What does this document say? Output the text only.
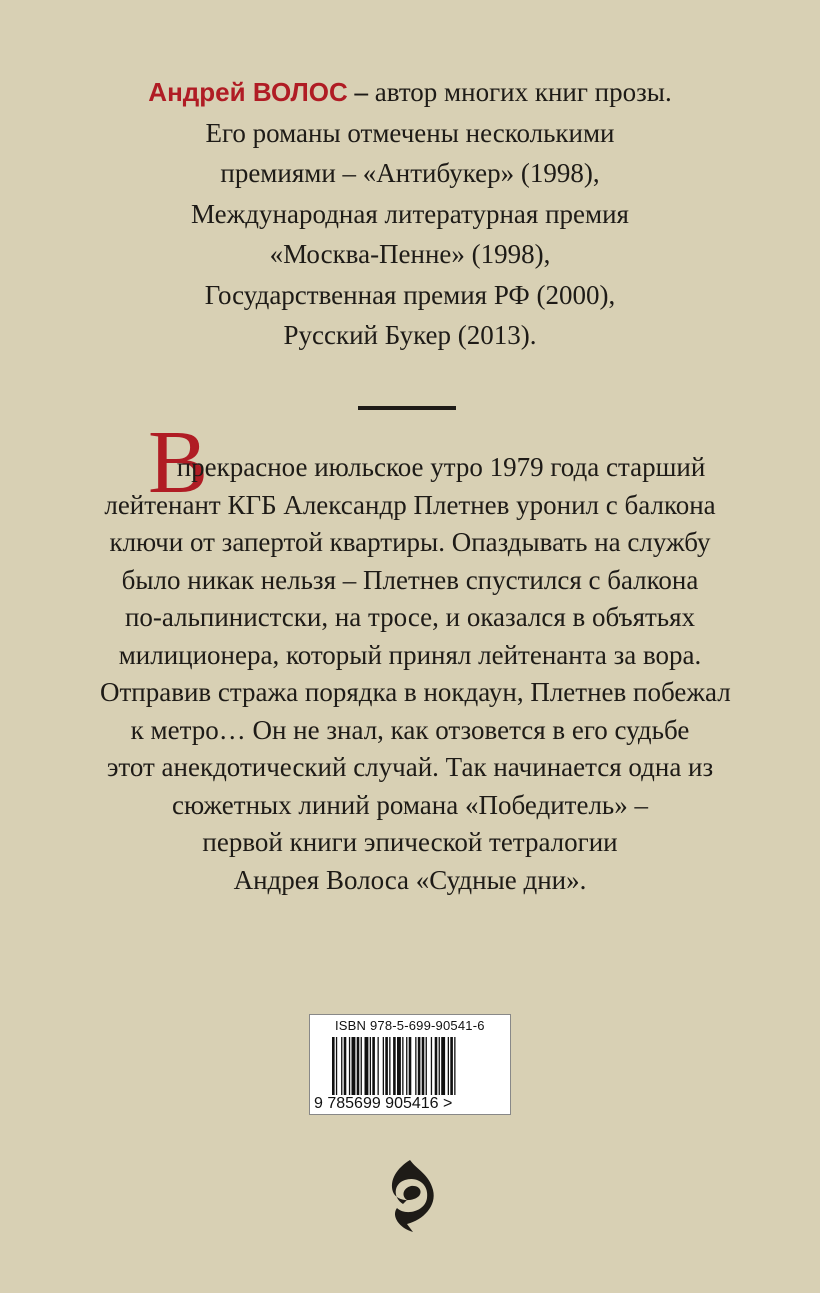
Андрей ВОЛОС – автор многих книг прозы.
Его романы отмечены несколькими
премиями – «Антибукер» (1998),
Международная литературная премия
«Москва-Пенне» (1998),
Государственная премия РФ (2000),
Русский Букер (2013).
В
прекрасное июльское утро 1979 года старший
лейтенант КГБ Александр Плетнев уронил с балкона
ключи от запертой квартиры. Опаздывать на службу
было никак нельзя – Плетнев спустился с балкона
по-альпинистски, на тросе, и оказался в объятьях
милиционера, который принял лейтенанта за вора.
Отправив стража порядка в нокдаун, Плетнев побежал
к метро… Он не знал, как отзовется в его судьбе
этот анекдотический случай. Так начинается одна из
сюжетных линий романа «Победитель» –
первой книги эпической тетралогии
Андрея Волоса «Судные дни».
ISBN 978-5-699-90541-6
9 785699 905416 >
